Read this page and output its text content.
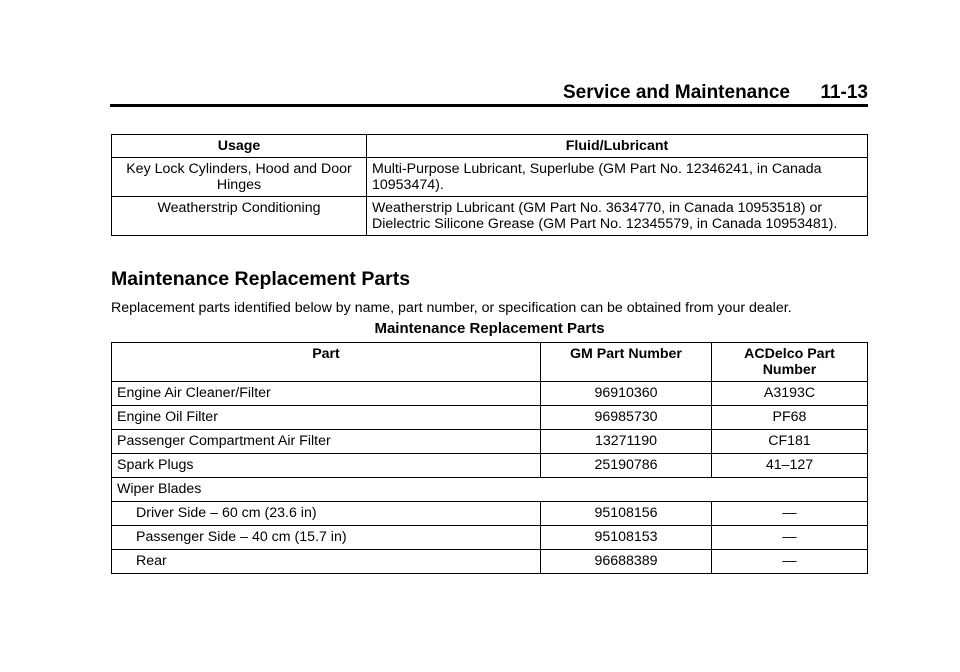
Service and Maintenance 11-13
Usage	Fluid/Lubricant
Key Lock Cylinders, Hood and Door Hinges	Multi-Purpose Lubricant, Superlube (GM Part No. 12346241, in Canada 10953474).
Weatherstrip Conditioning	Weatherstrip Lubricant (GM Part No. 3634770, in Canada 10953518) or Dielectric Silicone Grease (GM Part No. 12345579, in Canada 10953481).
Maintenance Replacement Parts

Replacement parts identified below by name, part number, or specification can be obtained from your dealer.

Maintenance Replacement Parts
Part	GM Part Number	ACDelco Part Number
Engine Air Cleaner/Filter	96910360	A3193C
Engine Oil Filter	96985730	PF68
Passenger Compartment Air Filter	13271190	CF181
Spark Plugs	25190786	41–127
Wiper Blades		
Driver Side – 60 cm (23.6 in)	95108156	—
Passenger Side – 40 cm (15.7 in)	95108153	—
Rear	96688389	—
